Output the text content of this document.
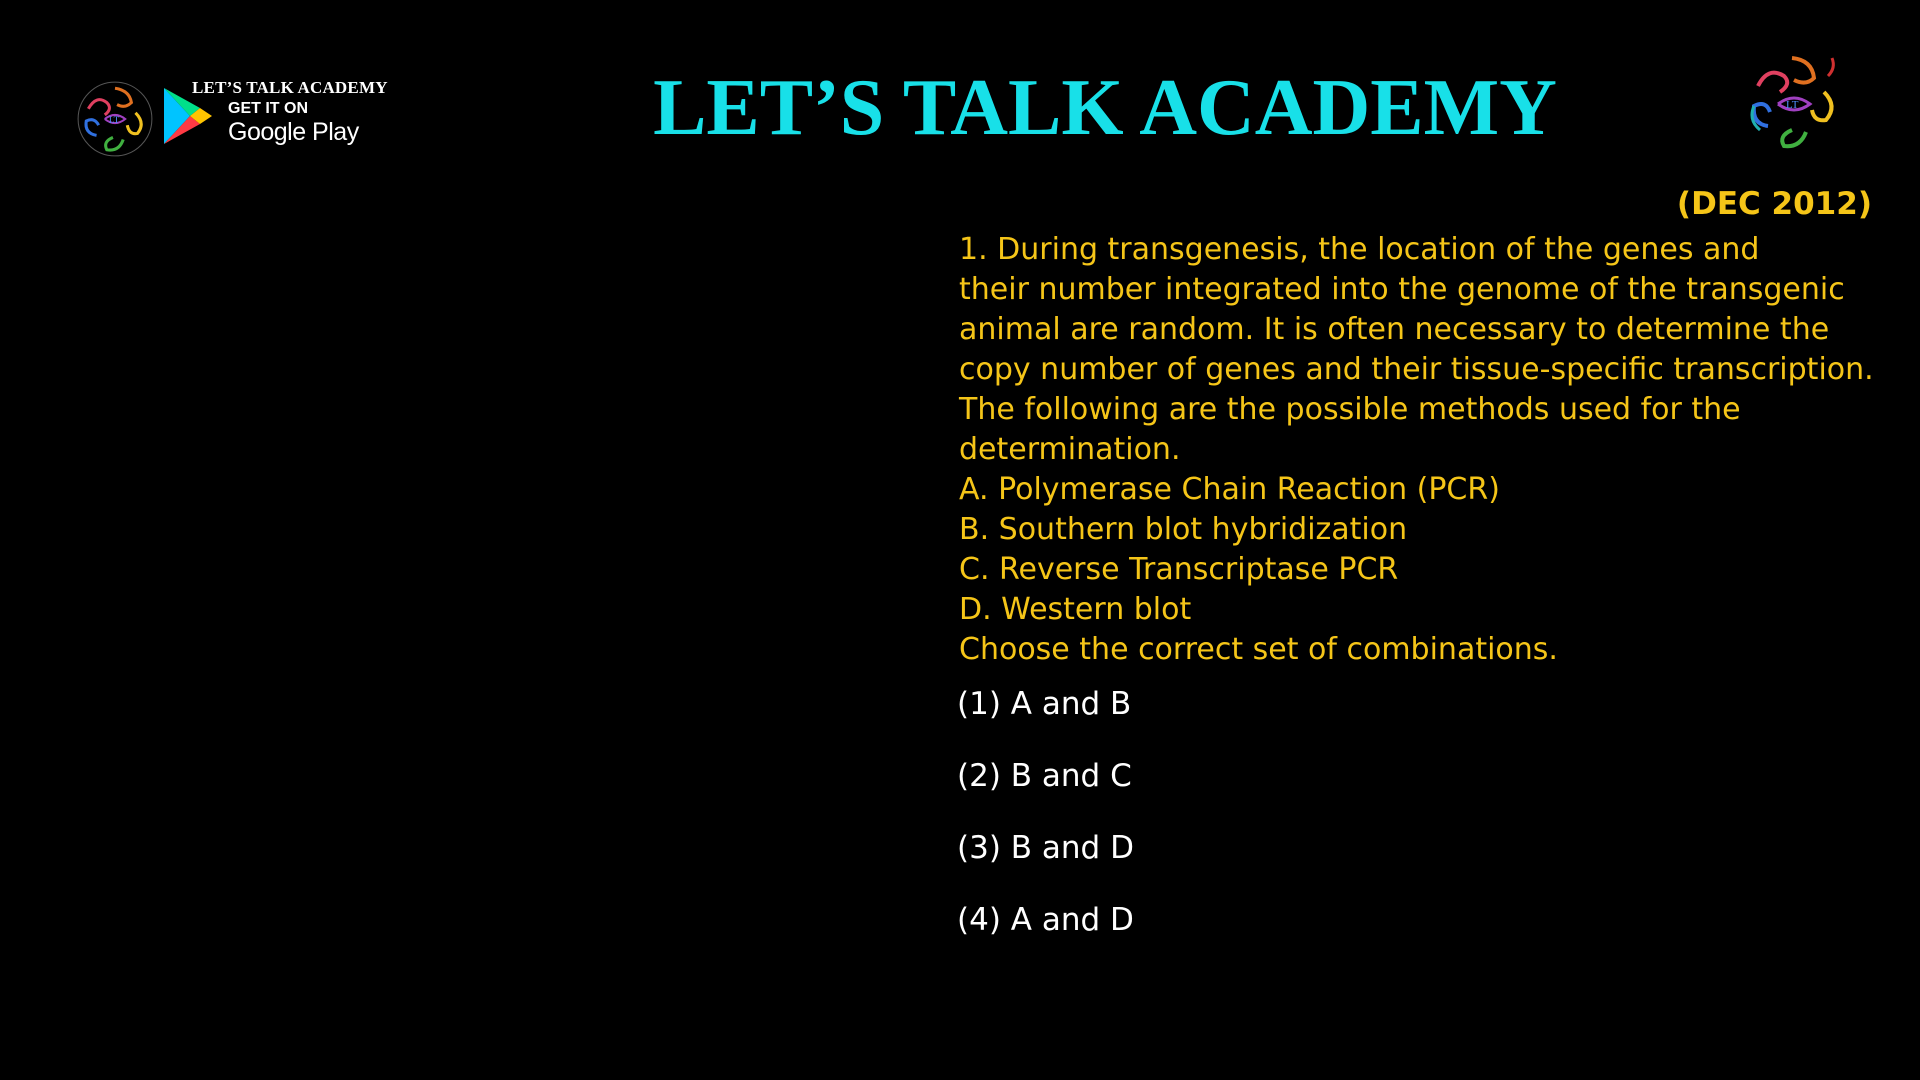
LT
LET’S TALK ACADEMY
GET IT ON
Google Play	LET’S TALK ACADEMY	LT
(DEC 2012)
1. During transgenesis, the location of the genes and
their number integrated into the genome of the transgenic
animal are random. It is often necessary to determine the
copy number of genes and their tissue-specific transcription.
The following are the possible methods used for the
determination.
A. Polymerase Chain Reaction (PCR)
B. Southern blot hybridization
C. Reverse Transcriptase PCR
D. Western blot
Choose the correct set of combinations.
(1) A and B
(2) B and C
(3) B and D
(4) A and D
